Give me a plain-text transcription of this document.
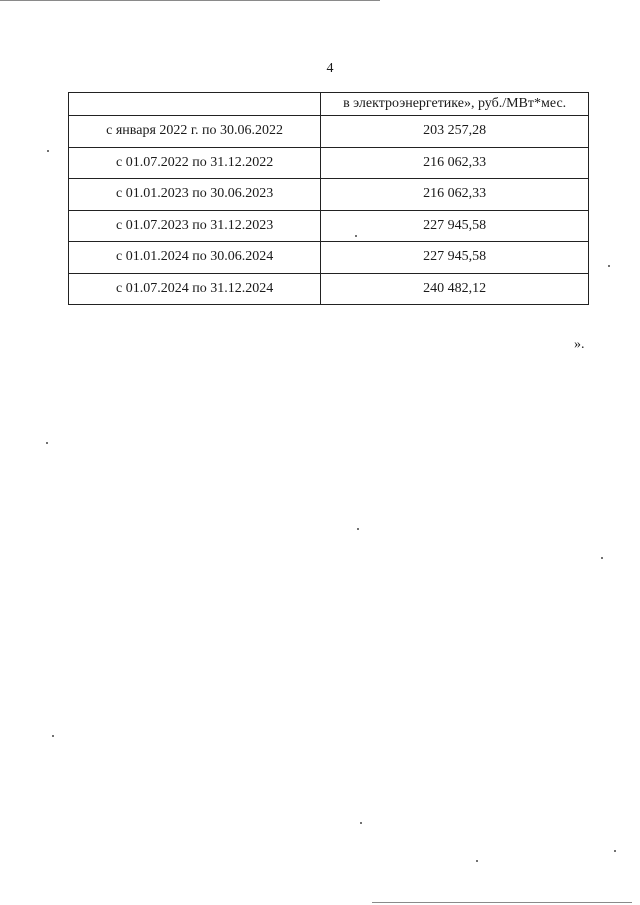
4
	в электроэнергетике», руб./МВт*мес.
с января 2022 г. по 30.06.2022	203 257,28
с 01.07.2022 по 31.12.2022	216 062,33
с 01.01.2023 по 30.06.2023	216 062,33
с 01.07.2023 по 31.12.2023	227 945,58
с 01.01.2024 по 30.06.2024	227 945,58
с 01.07.2024 по 31.12.2024	240 482,12
».
